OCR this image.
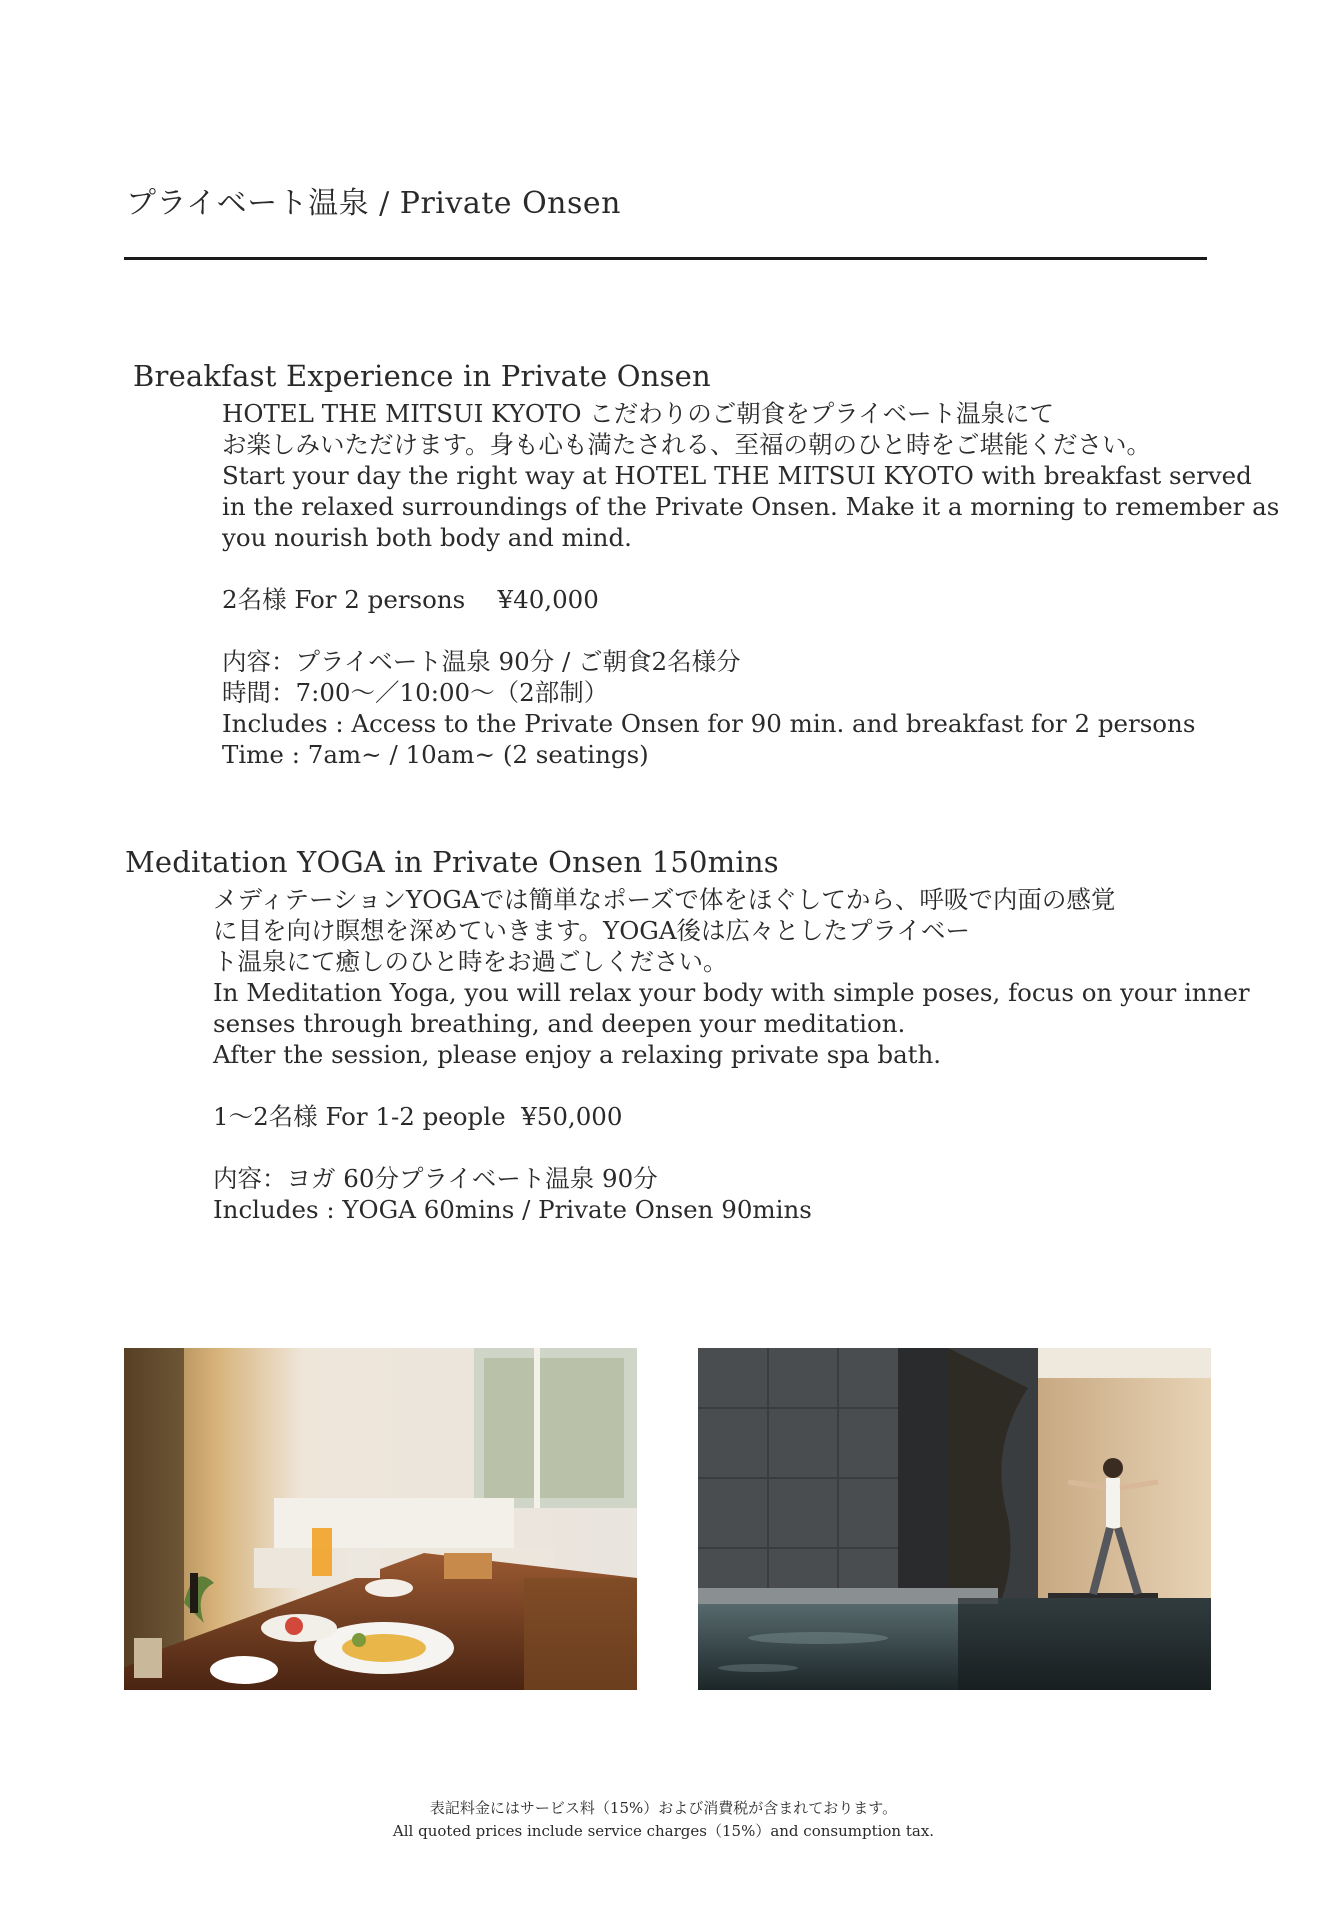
プライベート温泉 / Private Onsen
Breakfast Experience in Private Onsen
HOTEL THE MITSUI KYOTO こだわりのご朝食をプライベート温泉にて
お楽しみいただけます。身も心も満たされる、至福の朝のひと時をご堪能ください。
Start your day the right way at HOTEL THE MITSUI KYOTO with breakfast served
in the relaxed surroundings of the Private Onsen. Make it a morning to remember as
you nourish both body and mind.
2名様 For 2 persons　 ¥40,000
内容：プライベート温泉 90分 / ご朝食2名様分
時間：7:00〜／10:00〜（2部制）
Includes : Access to the Private Onsen for 90 min. and breakfast for 2 persons
Time : 7am~ / 10am~ (2 seatings)
Meditation YOGA in Private Onsen 150mins
メディテーションYOGAでは簡単なポーズで体をほぐしてから、呼吸で内面の感覚
に目を向け瞑想を深めていきます。YOGA後は広々としたプライベー
ト温泉にて癒しのひと時をお過ごしください。
In Meditation Yoga, you will relax your body with simple poses, focus on your inner
senses through breathing, and deepen your meditation.
After the session, please enjoy a relaxing private spa bath.
1〜2名様 For 1-2 people  ¥50,000
内容：ヨガ 60分プライベート温泉 90分
Includes : YOGA 60mins / Private Onsen 90mins
表記料金にはサービス料（15%）および消費税が含まれております。
All quoted prices include service charges（15%）and consumption tax.
